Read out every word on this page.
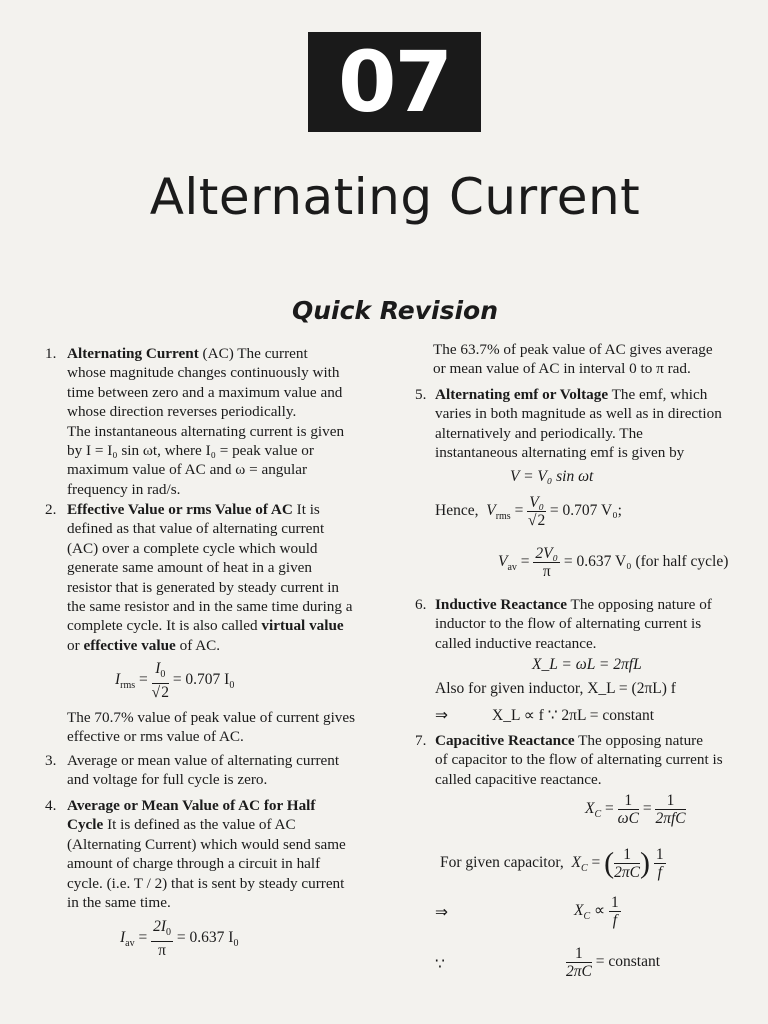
07
Alternating Current
Quick Revision
1. Alternating Current (AC) The current
whose magnitude changes continuously with
time between zero and a maximum value and
whose direction reverses periodically.
The instantaneous alternating current is given
by I = I₀ sin ωt, where I₀ = peak value or
maximum value of AC and ω = angular
frequency in rad/s.
2. Effective Value or rms Value of AC It is
defined as that value of alternating current
(AC) over a complete cycle which would
generate same amount of heat in a given
resistor that is generated by steady current in
the same resistor and in the same time during a
complete cycle. It is also called virtual value
or effective value of AC.
$I_{rms} = \frac{I_0}{√2} = 0.707$ $I_0$
The 70.7% value of peak value of current gives
effective or rms value of AC.
3. Average or mean value of alternating current
and voltage for full cycle is zero.
4. Average or Mean Value of AC for Half
Cycle It is defined as the value of AC
(Alternating Current) which would send same
amount of charge through a circuit in half
cycle. (i.e. T / 2) that is sent by steady current
in the same time.
$I_{av} = \frac{2I_0}{\pi} = 0.637$ $I_0$
The 63.7% of peak value of AC gives average
or mean value of AC in interval 0 to π rad.
5. Alternating emf or Voltage The emf, which
varies in both magnitude as well as in direction
alternatively and periodically. The
instantaneous alternating emf is given by
V = V₀ sin ωt
Hence, $V_{rms} = \frac{\text{V₀}}{√2} = 0.707$ V₀;
$V_{av} = \frac{\text{2V₀}}{\pi} = 0.637$ V₀ (for half cycle)
6. Inductive Reactance The opposing nature of
inductor to the flow of alternating current is
called inductive reactance.
X_L = ωL = 2πfL
Also for given inductor, X_L = (2πL) f
⇒	X_L ∝ f ∵ 2πL = constant
7. Capacitive Reactance The opposing nature
of capacitor to the flow of alternating current is
called capacitive reactance.
$X_C = \frac{1}{\omega C} = \frac{1}{\text{2πfC}}$
For given capacitor, $X_C$ = ( $\frac{1}{2\pi C}$ ) $\frac{1}{f}$
⇒	$X_C \propto \frac{1}{f}$
∵	$\frac{1}{2\pi C}$ = constant
